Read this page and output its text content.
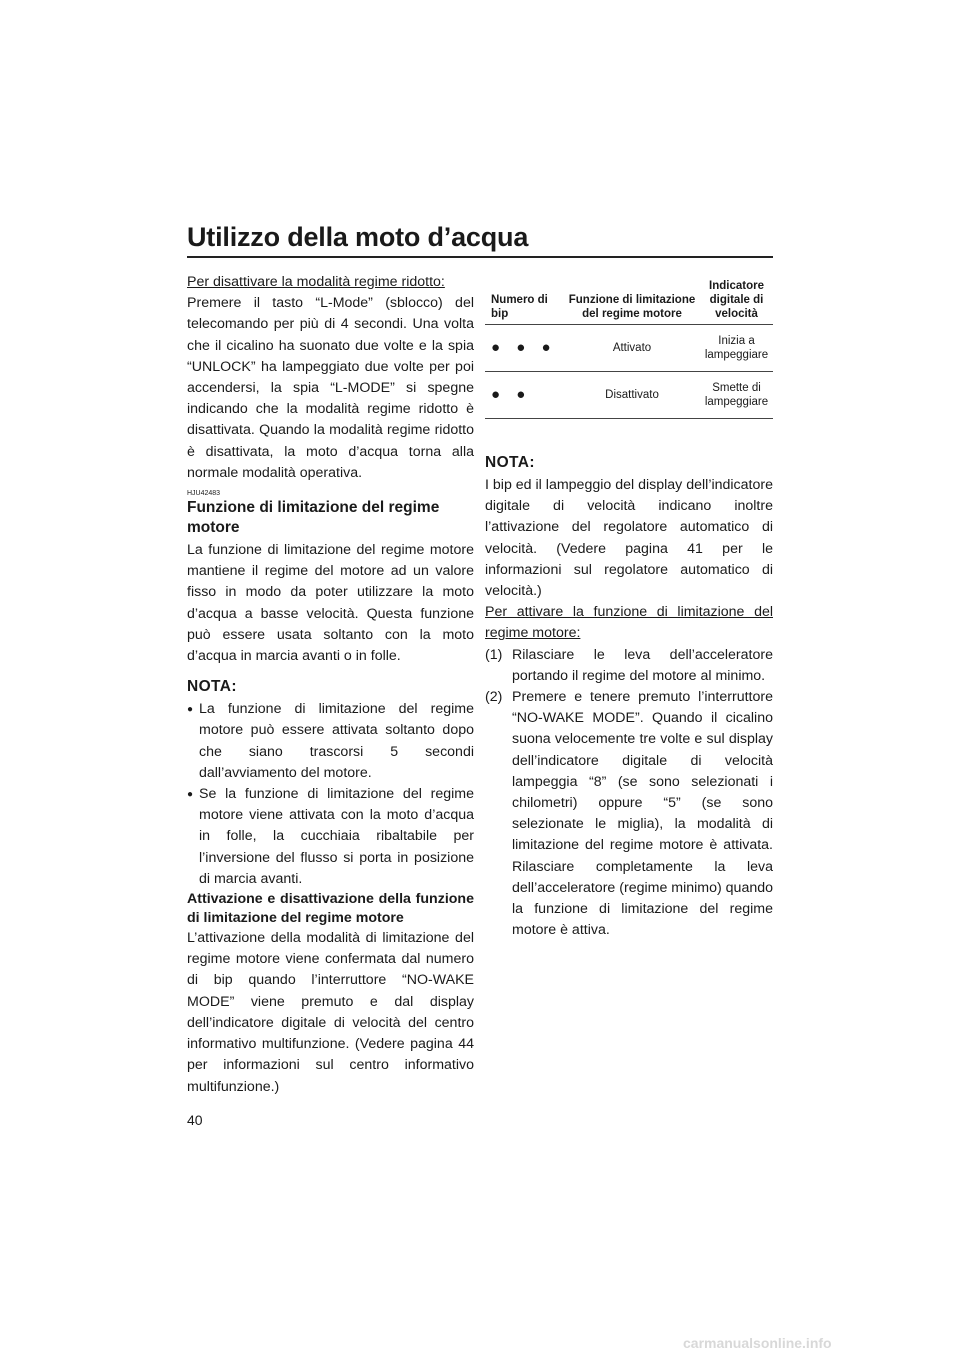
Utilizzo della moto d’acqua

Per disattivare la modalità regime ridotto:

Premere il tasto “L-Mode” (sblocco) del telecomando per più di 4 secondi. Una volta che il cicalino ha suonato due volte e la spia “UNLOCK” ha lampeggiato due volte per poi accendersi, la spia “L-MODE” si spegne indicando che la modalità regime ridotto è disattivata. Quando la modalità regime ridotto è disattivata, la moto d’acqua torna alla normale modalità operativa.

HJU42483
Funzione di limitazione del regime motore

La funzione di limitazione del regime motore mantiene il regime del motore ad un valore fisso in modo da poter utilizzare la moto d’acqua a basse velocità. Questa funzione può essere usata soltanto con la moto d’acqua in marcia avanti o in folle.

NOTA:
● La funzione di limitazione del regime motore può essere attivata soltanto dopo che siano trascorsi 5 secondi dall’avviamento del motore.
● Se la funzione di limitazione del regime motore viene attivata con la moto d’acqua in folle, la cucchiaia ribaltabile per l’inversione del flusso si porta in posizione di marcia avanti.

Attivazione e disattivazione della funzione di limitazione del regime motore

L’attivazione della modalità di limitazione del regime motore viene confermata dal numero di bip quando l’interruttore “NO-WAKE MODE” viene premuto e dal display dell’indicatore digitale di velocità del centro informativo multifunzione. (Vedere pagina 44 per informazioni sul centro informativo multifunzione.)

Numero di bip	Funzione di limitazione del regime motore	Indicatore digitale di velocità
● ● ●	Attivato	Inizia a lampeggiare
● ●	Disattivato	Smette di lampeggiare
NOTA:

I bip ed il lampeggio del display dell’indicatore digitale di velocità indicano inoltre l’attivazione del regolatore automatico di velocità. (Vedere pagina 41 per le informazioni sul regolatore automatico di velocità.)

Per attivare la funzione di limitazione del regime motore:

(1) Rilasciare le leva dell’acceleratore portando il regime del motore al minimo.
(2) Premere e tenere premuto l’interruttore “NO-WAKE MODE”. Quando il cicalino suona velocemente tre volte e sul display dell’indicatore digitale di velocità lampeggia “8” (se sono selezionati i chilometri) oppure “5” (se sono selezionate le miglia), la modalità di limitazione del regime motore è attivata. Rilasciare completamente la leva dell’acceleratore (regime minimo) quando la funzione di limitazione del regime motore è attiva.
40
carmanualsonline.info
